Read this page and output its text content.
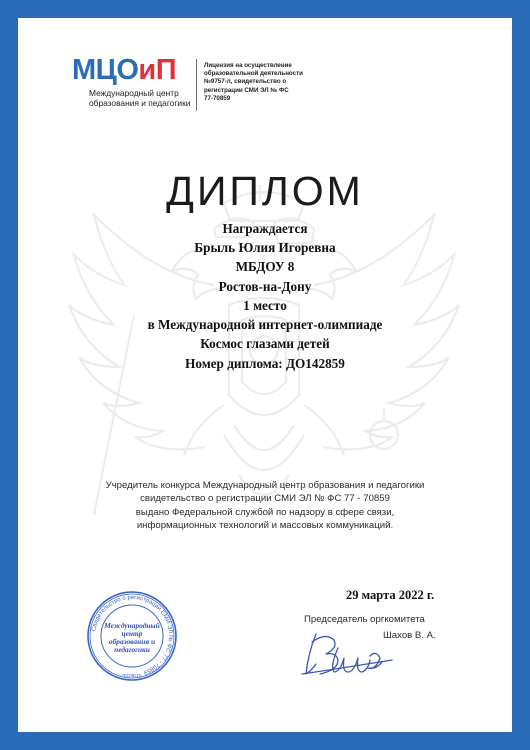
МЦОиП
Международный центр
образования и педагогики
Лицензия на осуществление
образовательной деятельности
№9757-л, свидетельство о
регистрации СМИ ЭЛ № ФС
77-70859
ДИПЛОМ
Награждается
Брыль Юлия Игоревна
МБДОУ 8
Ростов-на-Дону
1 место
в Международной интернет-олимпиаде
Космос глазами детей
Номер диплома: ДО142859
Учредитель конкурса Международный центр образования и педагогики
свидетельство о регистрации СМИ ЭЛ № ФС 77 - 70859
выдано Федеральной службой по надзору в сфере связи,
информационных технологий и массовых коммуникаций.
29 марта 2022 г.
Председатель оргкомитета
Шахов В. А.
Свидетельство о регистрации СМИ ЭЛ № ФС 77 - 70859
Международный
центр
образования и
педагогики
mcoip.ru
